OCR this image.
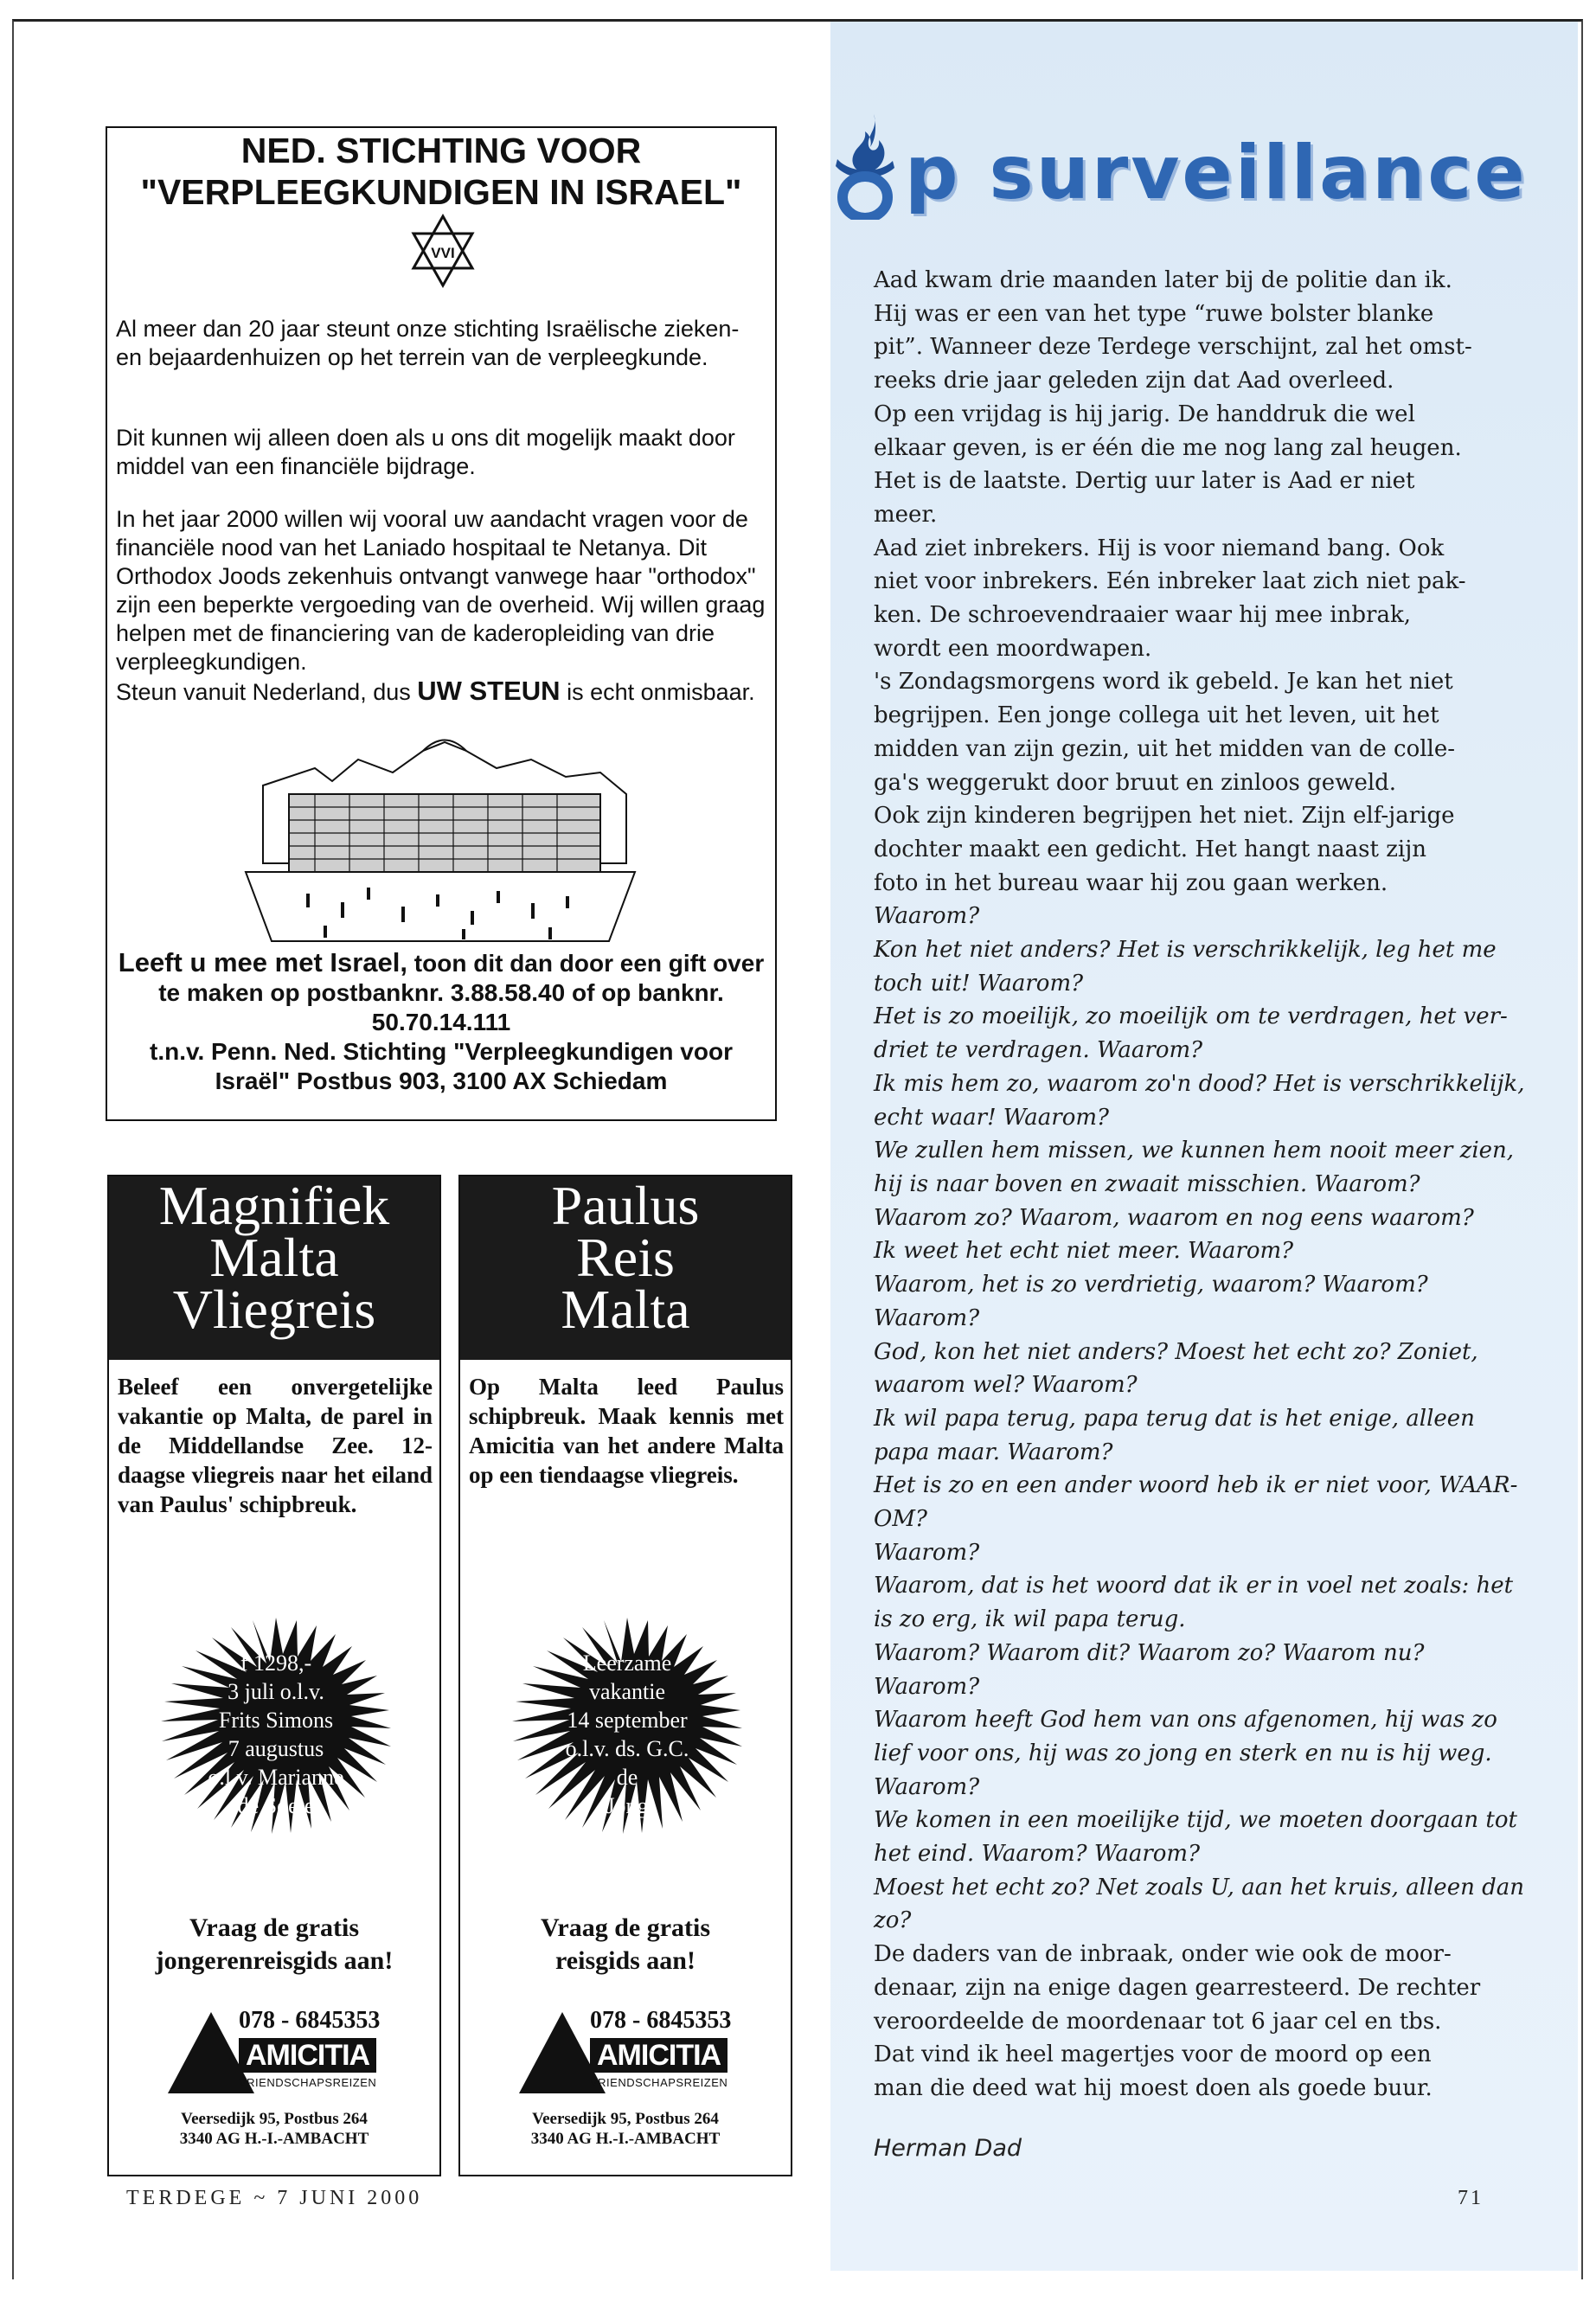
NED. STICHTING VOOR
"VERPLEEGKUNDIGEN IN ISRAEL"
VVI
Al meer dan 20 jaar steunt onze stichting Israëlische zieken- en bejaardenhuizen op het terrein van de verpleegkunde.
Dit kunnen wij alleen doen als u ons dit mogelijk maakt door middel van een financiële bijdrage.
In het jaar 2000 willen wij vooral uw aandacht vragen voor de financiële nood van het Laniado hospitaal te Netanya. Dit Orthodox Joods zekenhuis ontvangt vanwege haar "orthodox" zijn een beperkte vergoeding van de overheid. Wij willen graag helpen met de financiering van de kaderopleiding van drie verpleegkundigen.
Steun vanuit Nederland, dus UW STEUN is echt onmisbaar.
Leeft u mee met Israel, toon dit dan door een gift over te maken op postbanknr. 3.88.58.40 of op banknr. 50.70.14.111
t.n.v. Penn. Ned. Stichting "Verpleegkundigen voor Israël" Postbus 903, 3100 AX Schiedam
Magnifiek
Malta
Vliegreis
Beleef een onvergetelijke vakantie op Malta, de parel in de Middellandse Zee. 12-daagse vliegreis naar het eiland van Paulus' schipbreuk.
f 1298,-
3 juli o.l.v.
Frits Simons
7 augustus
o.l.v. Marianne
de Soete
Vraag de gratis
jongerenreisgids aan!
078 - 6845353
AMICITIA
VRIENDSCHAPSREIZEN
Veersedijk 95, Postbus 264
3340 AG H.-I.-AMBACHT
Paulus
Reis
Malta
Op Malta leed Paulus schipbreuk. Maak kennis met Amicitia van het andere Malta op een tiendaagse vliegreis.
Leerzame
vakantie
14 september
o.l.v. ds. G.C. de
Jong
Vraag de gratis
reisgids aan!
078 - 6845353
AMICITIA
VRIENDSCHAPSREIZEN
Veersedijk 95, Postbus 264
3340 AG H.-I.-AMBACHT
p surveillance
Aad kwam drie maanden later bij de politie dan ik.
Hij was er een van het type “ruwe bolster blanke
pit”. Wanneer deze Terdege verschijnt, zal het omst-
reeks drie jaar geleden zijn dat Aad overleed.
Op een vrijdag is hij jarig. De handdruk die wel
elkaar geven, is er één die me nog lang zal heugen.
Het is de laatste. Dertig uur later is Aad er niet
meer.
Aad ziet inbrekers. Hij is voor niemand bang. Ook
niet voor inbrekers. Eén inbreker laat zich niet pak-
ken. De schroevendraaier waar hij mee inbrak,
wordt een moordwapen.
's Zondagsmorgens word ik gebeld. Je kan het niet
begrijpen. Een jonge collega uit het leven, uit het
midden van zijn gezin, uit het midden van de colle-
ga's weggerukt door bruut en zinloos geweld.
Ook zijn kinderen begrijpen het niet. Zijn elf-jarige
dochter maakt een gedicht. Het hangt naast zijn
foto in het bureau waar hij zou gaan werken.
Waarom?
Kon het niet anders? Het is verschrikkelijk, leg het me
toch uit! Waarom?
Het is zo moeilijk, zo moeilijk om te verdragen, het ver-
driet te verdragen. Waarom?
Ik mis hem zo, waarom zo'n dood? Het is verschrikkelijk,
echt waar! Waarom?
We zullen hem missen, we kunnen hem nooit meer zien,
hij is naar boven en zwaait misschien. Waarom?
Waarom zo? Waarom, waarom en nog eens waarom?
Ik weet het echt niet meer. Waarom?
Waarom, het is zo verdrietig, waarom? Waarom?
Waarom?
God, kon het niet anders? Moest het echt zo? Zoniet,
waarom wel? Waarom?
Ik wil papa terug, papa terug dat is het enige, alleen
papa maar. Waarom?
Het is zo en een ander woord heb ik er niet voor, WAAR-
OM?
Waarom?
Waarom, dat is het woord dat ik er in voel net zoals: het
is zo erg, ik wil papa terug.
Waarom? Waarom dit? Waarom zo? Waarom nu?
Waarom?
Waarom heeft God hem van ons afgenomen, hij was zo
lief voor ons, hij was zo jong en sterk en nu is hij weg.
Waarom?
We komen in een moeilijke tijd, we moeten doorgaan tot
het eind. Waarom? Waarom?
Moest het echt zo? Net zoals U, aan het kruis, alleen dan
zo?
De daders van de inbraak, onder wie ook de moor-
denaar, zijn na enige dagen gearresteerd. De rechter
veroordeelde de moordenaar tot 6 jaar cel en tbs.
Dat vind ik heel magertjes voor de moord op een
man die deed wat hij moest doen als goede buur.
Herman Dad
TERDEGE ~ 7 JUNI 2000	71
